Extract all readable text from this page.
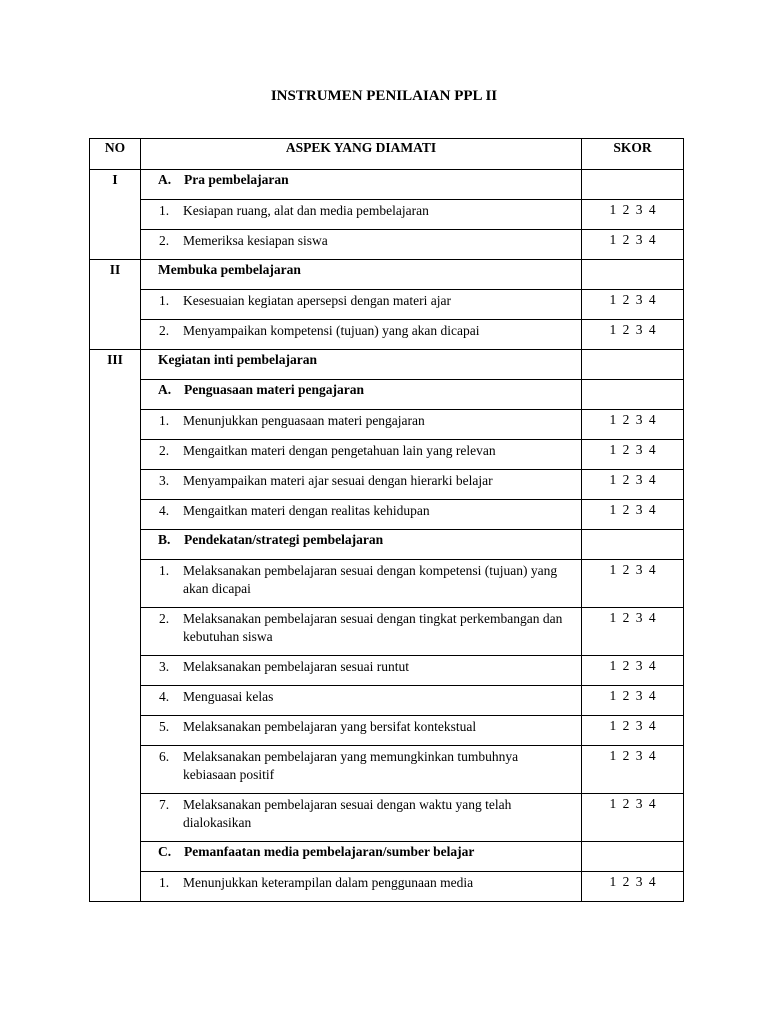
INSTRUMEN PENILAIAN PPL II
NO	ASPEK YANG DIAMATI	SKOR
I	A. Pra pembelajaran	

	1. Kesiapan ruang, alat dan media pembelajaran	1 2 3 4

	2. Memeriksa kesiapan siswa	1 2 3 4
II	Membuka pembelajaran	

	1. Kesesuaian kegiatan apersepsi dengan materi ajar	1 2 3 4

	2. Menyampaikan kompetensi (tujuan) yang akan dicapai	1 2 3 4
III	Kegiatan inti pembelajaran	
	A. Penguasaan materi pengajaran	

	1. Menunjukkan penguasaan materi pengajaran	1 2 3 4

	2. Mengaitkan materi dengan pengetahuan lain yang relevan	1 2 3 4

	3. Menyampaikan materi ajar sesuai dengan hierarki belajar	1 2 3 4

	4. Mengaitkan materi dengan realitas kehidupan	1 2 3 4
	B. Pendekatan/strategi pembelajaran	

	1. Melaksanakan pembelajaran sesuai dengan kompetensi (tujuan) yang akan dicapai	1 2 3 4

	2. Melaksanakan pembelajaran sesuai dengan tingkat perkembangan dan kebutuhan siswa	1 2 3 4

	3. Melaksanakan pembelajaran sesuai runtut	1 2 3 4

	4. Menguasai kelas	1 2 3 4

	5. Melaksanakan pembelajaran yang bersifat kontekstual	1 2 3 4

	6. Melaksanakan pembelajaran yang memungkinkan tumbuhnya kebiasaan positif	1 2 3 4

	7. Melaksanakan pembelajaran sesuai dengan waktu yang telah dialokasikan	1 2 3 4
	C. Pemanfaatan media pembelajaran/sumber belajar	

	1. Menunjukkan keterampilan dalam penggunaan media	1 2 3 4
